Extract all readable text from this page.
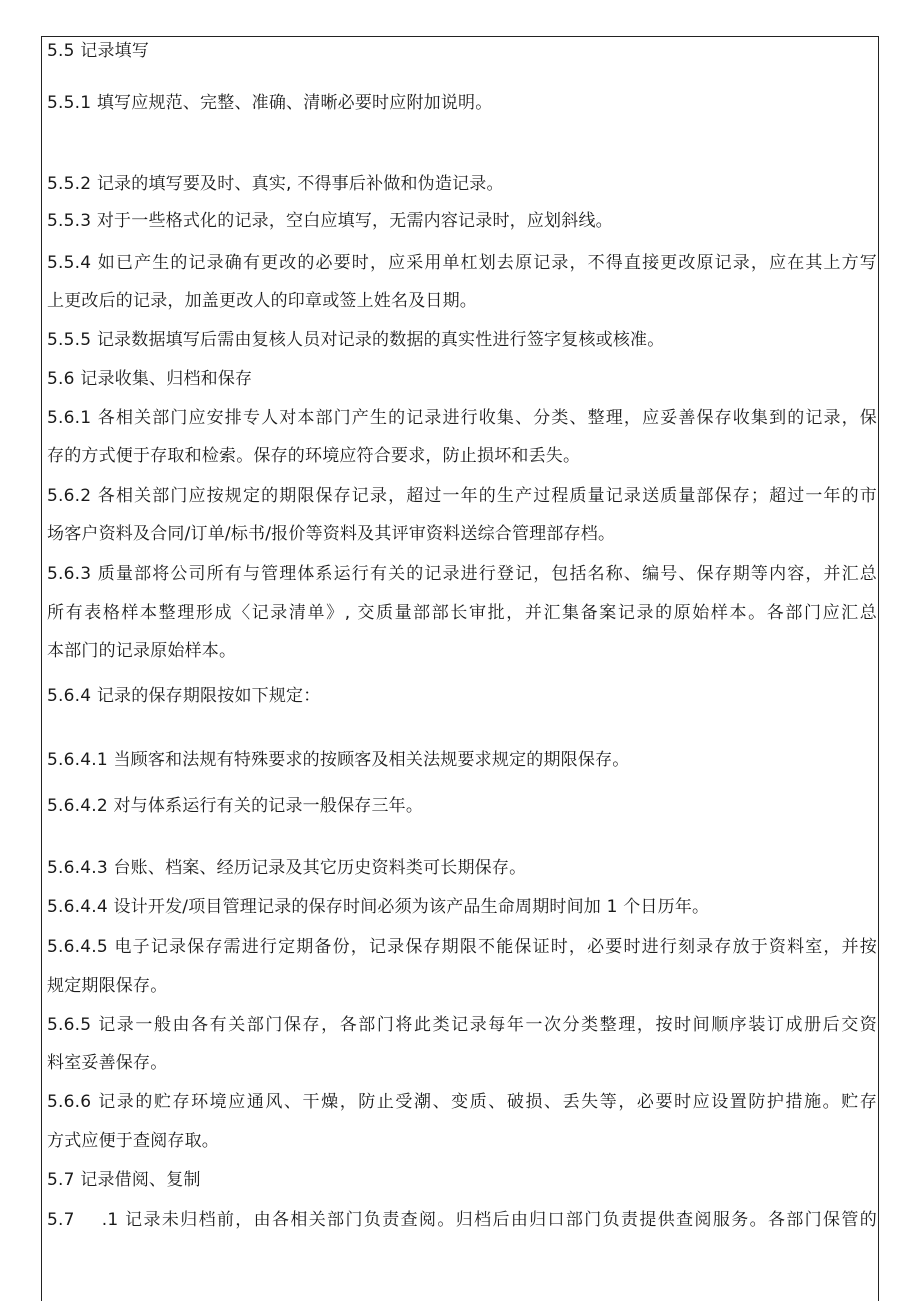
5.5 记录填写
5.5.1 填写应规范、完整、准确、清晰必要时应附加说明。
5.5.2 记录的填写要及时、真实, 不得事后补做和伪造记录。
5.5.3 对于一些格式化的记录，空白应填写，无需内容记录时，应划斜线。
5.5.4 如已产生的记录确有更改的必要时，应采用单杠划去原记录，不得直接更改原记录，应在其上方写
上更改后的记录，加盖更改人的印章或签上姓名及日期。
5.5.5 记录数据填写后需由复核人员对记录的数据的真实性进行签字复核或核准。
5.6 记录收集、归档和保存
5.6.1 各相关部门应安排专人对本部门产生的记录进行收集、分类、整理，应妥善保存收集到的记录，保
存的方式便于存取和检索。保存的环境应符合要求，防止损坏和丢失。
5.6.2 各相关部门应按规定的期限保存记录，超过一年的生产过程质量记录送质量部保存；超过一年的市
场客户资料及合同/订单/标书/报价等资料及其评审资料送综合管理部存档。
5.6.3 质量部将公司所有与管理体系运行有关的记录进行登记，包括名称、编号、保存期等内容，并汇总
所有表格样本整理形成〈记录清单》, 交质量部部长审批，并汇集备案记录的原始样本。各部门应汇总
本部门的记录原始样本。
5.6.4 记录的保存期限按如下规定：
5.6.4.1 当顾客和法规有特殊要求的按顾客及相关法规要求规定的期限保存。
5.6.4.2 对与体系运行有关的记录一般保存三年。
5.6.4.3 台账、档案、经历记录及其它历史资料类可长期保存。
5.6.4.4 设计开发/项目管理记录的保存时间必须为该产品生命周期时间加 1 个日历年。
5.6.4.5 电子记录保存需进行定期备份，记录保存期限不能保证时，必要时进行刻录存放于资料室，并按
规定期限保存。
5.6.5 记录一般由各有关部门保存，各部门将此类记录每年一次分类整理，按时间顺序装订成册后交资
料室妥善保存。
5.6.6 记录的贮存环境应通风、干燥，防止受潮、变质、破损、丢失等，必要时应设置防护措施。贮存
方式应便于查阅存取。
5.7 记录借阅、复制
5.7    .1 记录未归档前，由各相关部门负责查阅。归档后由归口部门负责提供查阅服务。各部门保管的
